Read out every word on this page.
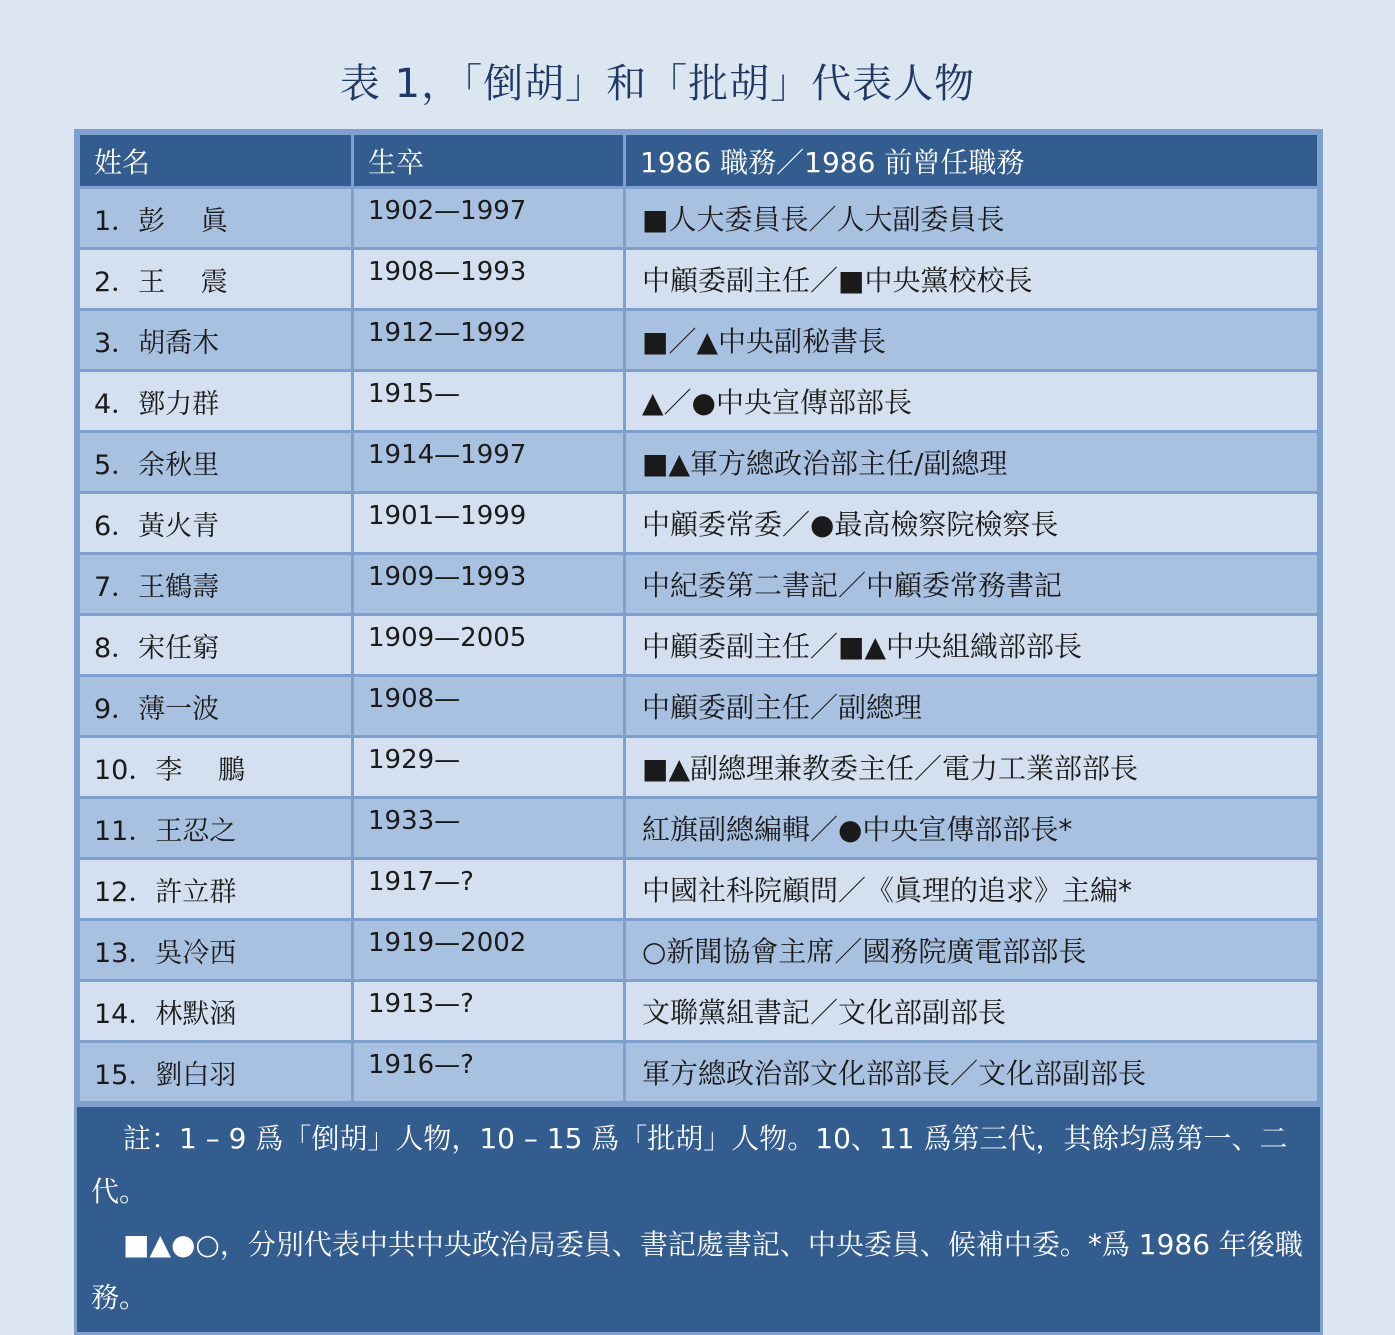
表 1，「倒胡」和「批胡」代表人物
姓名	生卒	1986 職務／1986 前曾任職務
1．彭　 眞	1902—1997	■人大委員長／人大副委員長
2．王　 震	1908—1993	中顧委副主任／■中央黨校校長
3．胡喬木	1912—1992	■／▲中央副秘書長
4．鄧力群	1915—	▲／●中央宣傳部部長
5．余秋里	1914—1997	■▲軍方總政治部主任/副總理
6．黃火青	1901—1999	中顧委常委／●最高檢察院檢察長
7．王鶴壽	1909—1993	中紀委第二書記／中顧委常務書記
8．宋任窮	1909—2005	中顧委副主任／■▲中央組織部部長
9．薄一波	1908—	中顧委副主任／副總理
10．李　 鵬	1929—	■▲副總理兼教委主任／電力工業部部長
11．王忍之	1933—	紅旗副總編輯／●中央宣傳部部長*
12．許立群	1917—?	中國社科院顧問／《眞理的追求》主編*
13．吳冷西	1919—2002	○新聞協會主席／國務院廣電部部長
14．林默涵	1913—?	文聯黨組書記／文化部副部長
15．劉白羽	1916—?	軍方總政治部文化部部長／文化部副部長

註：1 – 9 爲「倒胡」人物，10 – 15 爲「批胡」人物。10、11 爲第三代，其餘均爲第一、二代。

■▲●○，分別代表中共中央政治局委員、書記處書記、中央委員、候補中委。*爲 1986 年後職務。
